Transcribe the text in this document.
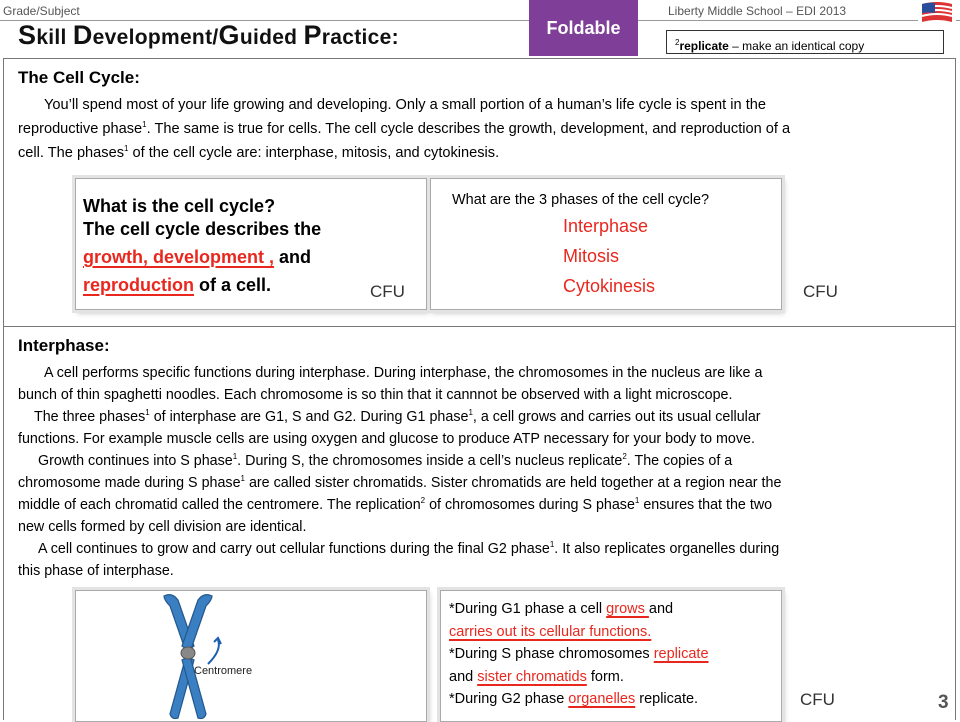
Grade/Subject	Liberty Middle School – EDI 2013
Foldable
Skill Development/Guided Practice:	$^2$replicate – make an identical copy
The Cell Cycle:
You’ll spend most of your life growing and developing. Only a small portion of a human’s life cycle is spent in the
reproductive phase$^1$. The same is true for cells. The cell cycle describes the growth, development, and reproduction of a
cell. The phases$^1$ of the cell cycle are: interphase, mitosis, and cytokinesis.
What is the cell cycle?
The cell cycle describes the
growth, development , and
reproduction of a cell.	CFU
What are the 3 phases of the cell cycle?
Interphase
Mitosis
Cytokinesis	CFU
Interphase:
A cell performs specific functions during interphase. During interphase, the chromosomes in the nucleus are like a
bunch of thin spaghetti noodles. Each chromosome is so thin that it cannnot be observed with a light microscope.
The three phases$^1$ of interphase are G1, S and G2. During G1 phase$^1$, a cell grows and carries out its usual cellular
functions. For example muscle cells are using oxygen and glucose to produce ATP necessary for your body to move.
Growth continues into S phase$^1$. During S, the chromosomes inside a cell’s nucleus replicate$^2$. The copies of a
chromosome made during S phase$^1$ are called sister chromatids. Sister chromatids are held together at a region near the
middle of each chromatid called the centromere. The replication$^2$ of chromosomes during S phase$^1$ ensures that the two
new cells formed by cell division are identical.
A cell continues to grow and carry out cellular functions during the final G2 phase$^1$. It also replicates organelles during
this phase of interphase.
Centromere
*During G1 phase a cell grows and
carries out its cellular functions.
*During S phase chromosomes replicate
and sister chromatids form.
*During G2 phase organelles replicate.	CFU	3
